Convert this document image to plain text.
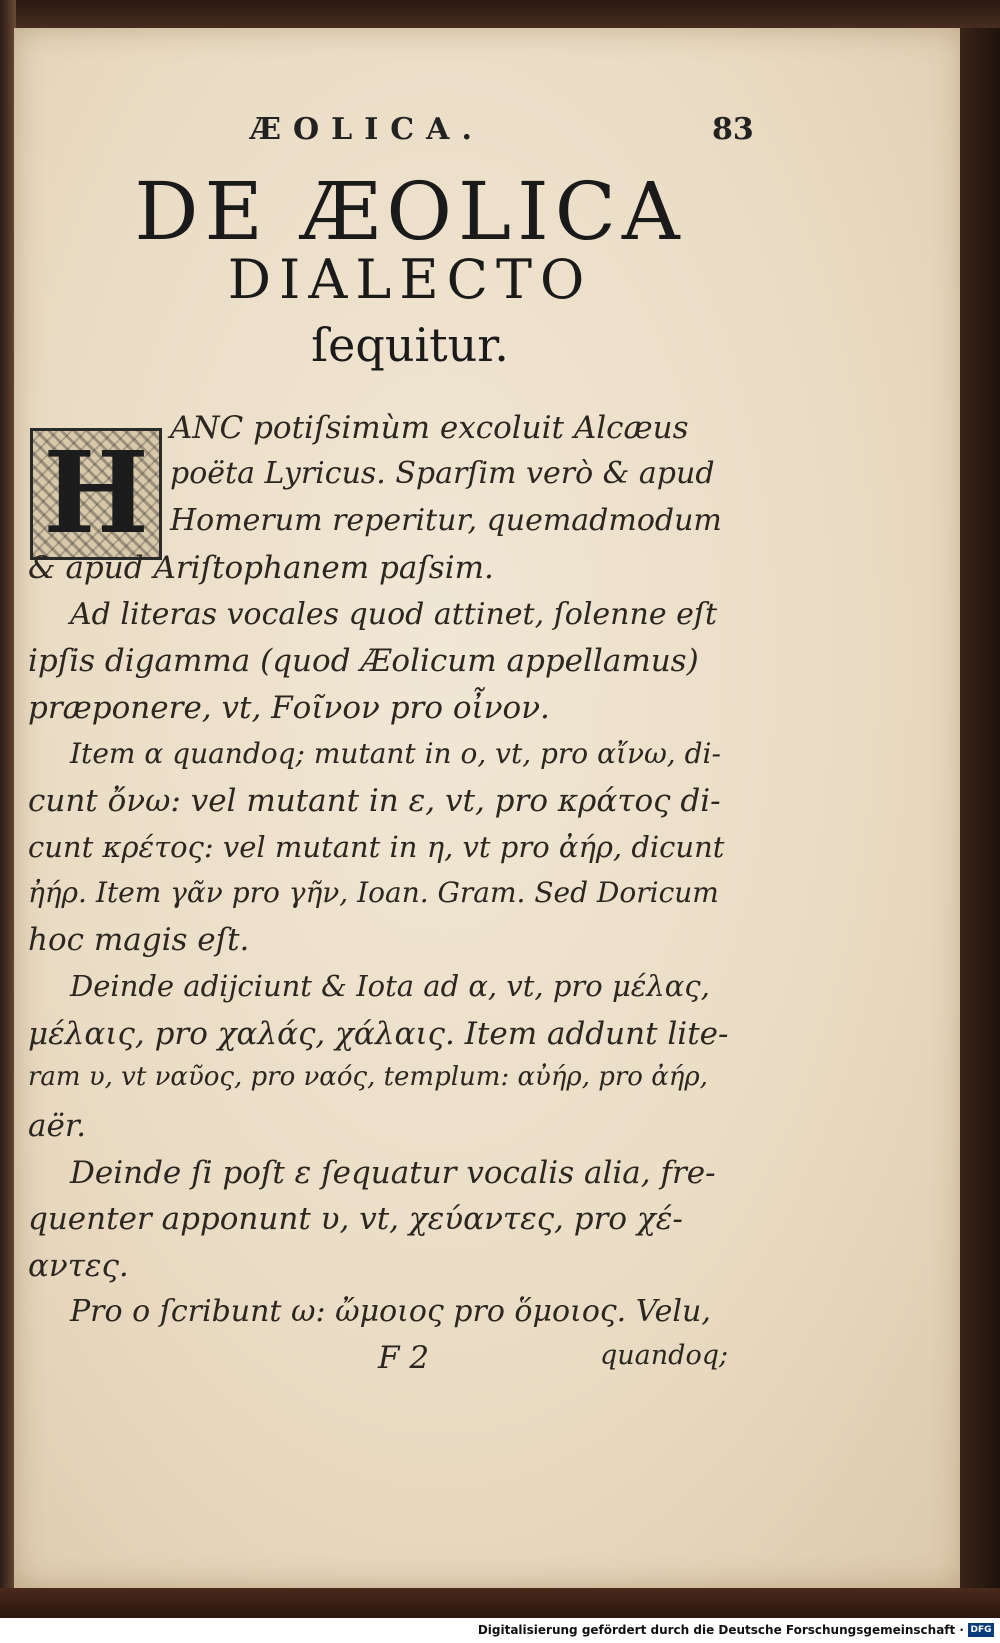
ÆOLICA.	83
DE ÆOLICA
DIALECTO
ſequitur.
H ANC potiſsimùm excoluit Alcæus
poëta Lyricus. Sparſim verò & apud
Homerum reperitur, quemadmodum
& apud Ariſtophanem paſsim.
Ad literas vocales quod attinet, ſolenne eſt
ipſis digamma (quod Æolicum appellamus)
præponere, vt, Fοῖνον pro οἶνον.
Item α quandoq; mutant in ο, vt, pro αἴνω, di-
cunt ὄνω: vel mutant in ε, vt, pro κράτος di-
cunt κρέτος: vel mutant in η, vt pro ἀήρ, dicunt
ἠήρ. Item γᾶν pro γῆν, Ioan. Gram. Sed Doricum
hoc magis eſt.
Deinde adijciunt & Iota ad α, vt, pro μέλας,
μέλαις, pro χαλάς, χάλαις. Item addunt lite-
ram υ, vt ναῦος, pro ναός, templum: αὐήρ, pro ἀήρ,
aër.
Deinde ſi poſt ε ſequatur vocalis alia, fre-
quenter apponunt υ, vt, χεύαντες, pro χέ-
αντες.
Pro ο ſcribunt ω: ὤμοιος pro ὅμοιος. Velu,
F 2	quandoq;
Digitalisierung gefördert durch die Deutsche Forschungsgemeinschaft · DFG
